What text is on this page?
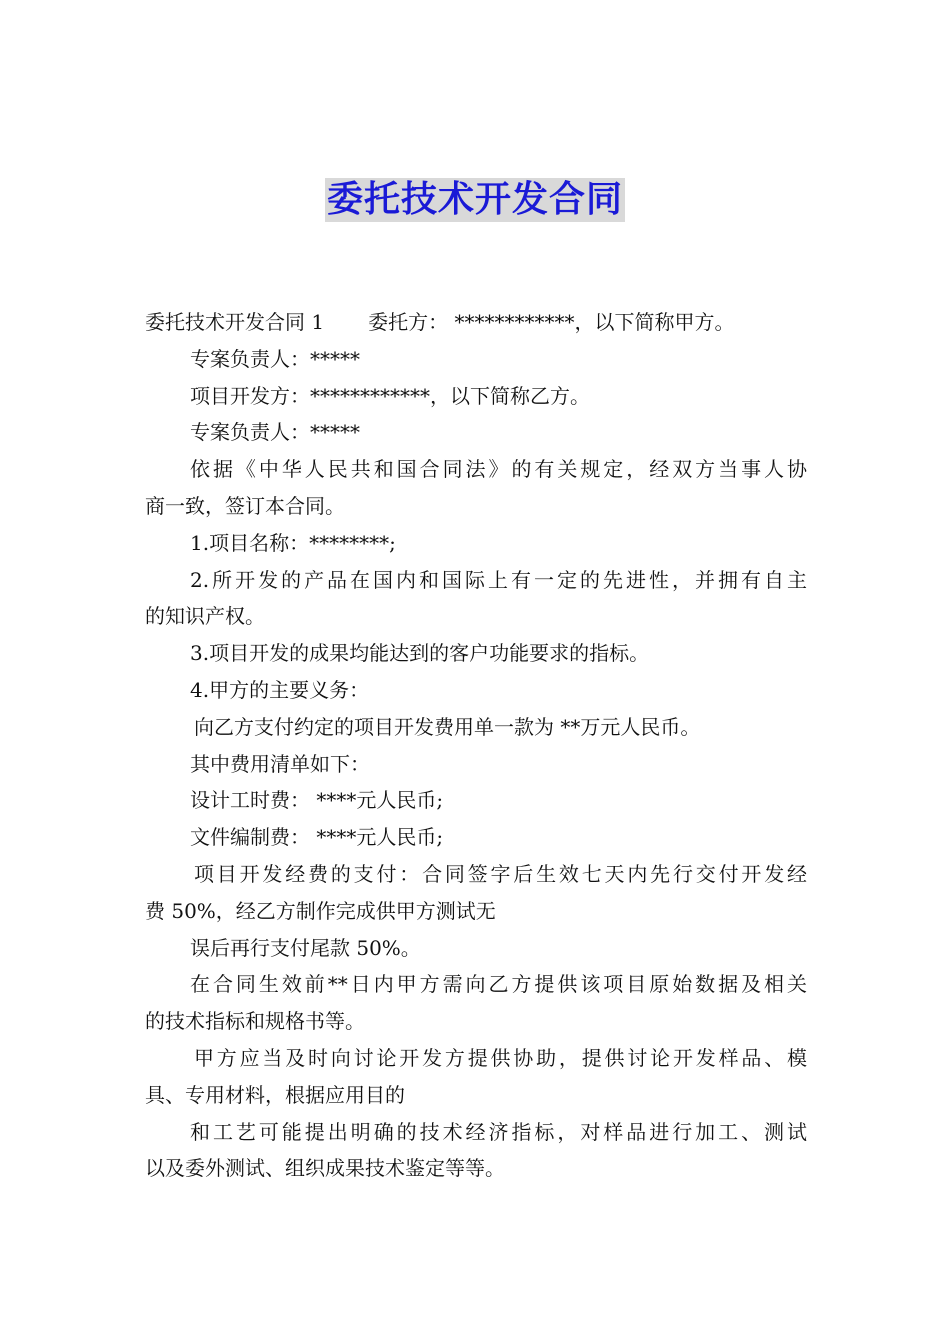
委托技术开发合同

委托技术开发合同 1 委托方： ************，以下简称甲方。

专案负责人：*****

项目开发方：************，以下简称乙方。

专案负责人：*****

依据《中华人民共和国合同法》的有关规定，经双方当事人协

商一致，签订本合同。

1.项目名称：********;

2.所开发的产品在国内和国际上有一定的先进性，并拥有自主

的知识产权。

3.项目开发的成果均能达到的客户功能要求的指标。

4.甲方的主要义务：

向乙方支付约定的项目开发费用单一款为 **万元人民币。

其中费用清单如下：

设计工时费： ****元人民币;

文件编制费： ****元人民币;

项目开发经费的支付：合同签字后生效七天内先行交付开发经

费 50%，经乙方制作完成供甲方测试无

误后再行支付尾款 50%。

在合同生效前**日内甲方需向乙方提供该项目原始数据及相关

的技术指标和规格书等。

甲方应当及时向讨论开发方提供协助，提供讨论开发样品、模

具、专用材料，根据应用目的

和工艺可能提出明确的技术经济指标，对样品进行加工、测试

以及委外测试、组织成果技术鉴定等等。
